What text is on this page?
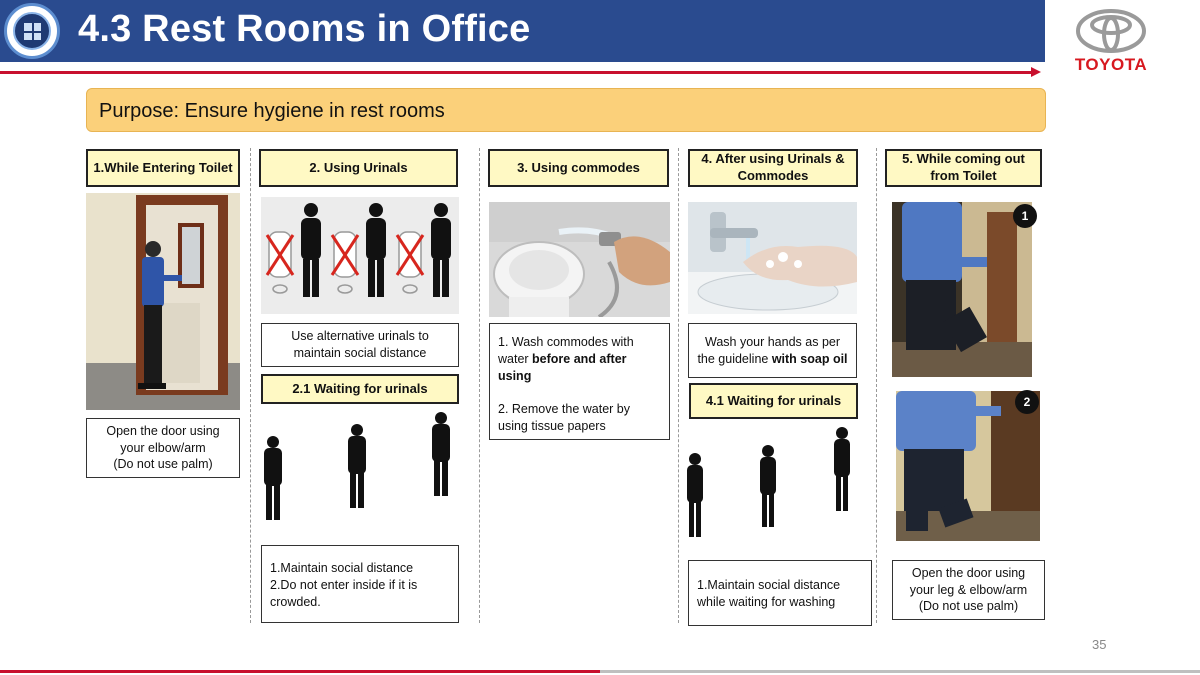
4.3 Rest Rooms in Office
TOYOTA
Purpose: Ensure hygiene in rest rooms
1.While Entering Toilet
Open the door using
your elbow/arm
(Do not use palm)
2. Using Urinals
Use alternative urinals to
maintain social distance
2.1 Waiting for urinals
1.Maintain social distance
2.Do not enter inside if it is
crowded.
3. Using commodes
1. Wash commodes with
water before and after
using
2. Remove the water by
using tissue papers
4. After using Urinals & Commodes
Wash your hands as per
the guideline with soap oil
4.1 Waiting for urinals
1.Maintain social distance
while waiting for washing
5. While coming out from Toilet
1
2
Open the door using
your leg & elbow/arm
(Do not use palm)
35
